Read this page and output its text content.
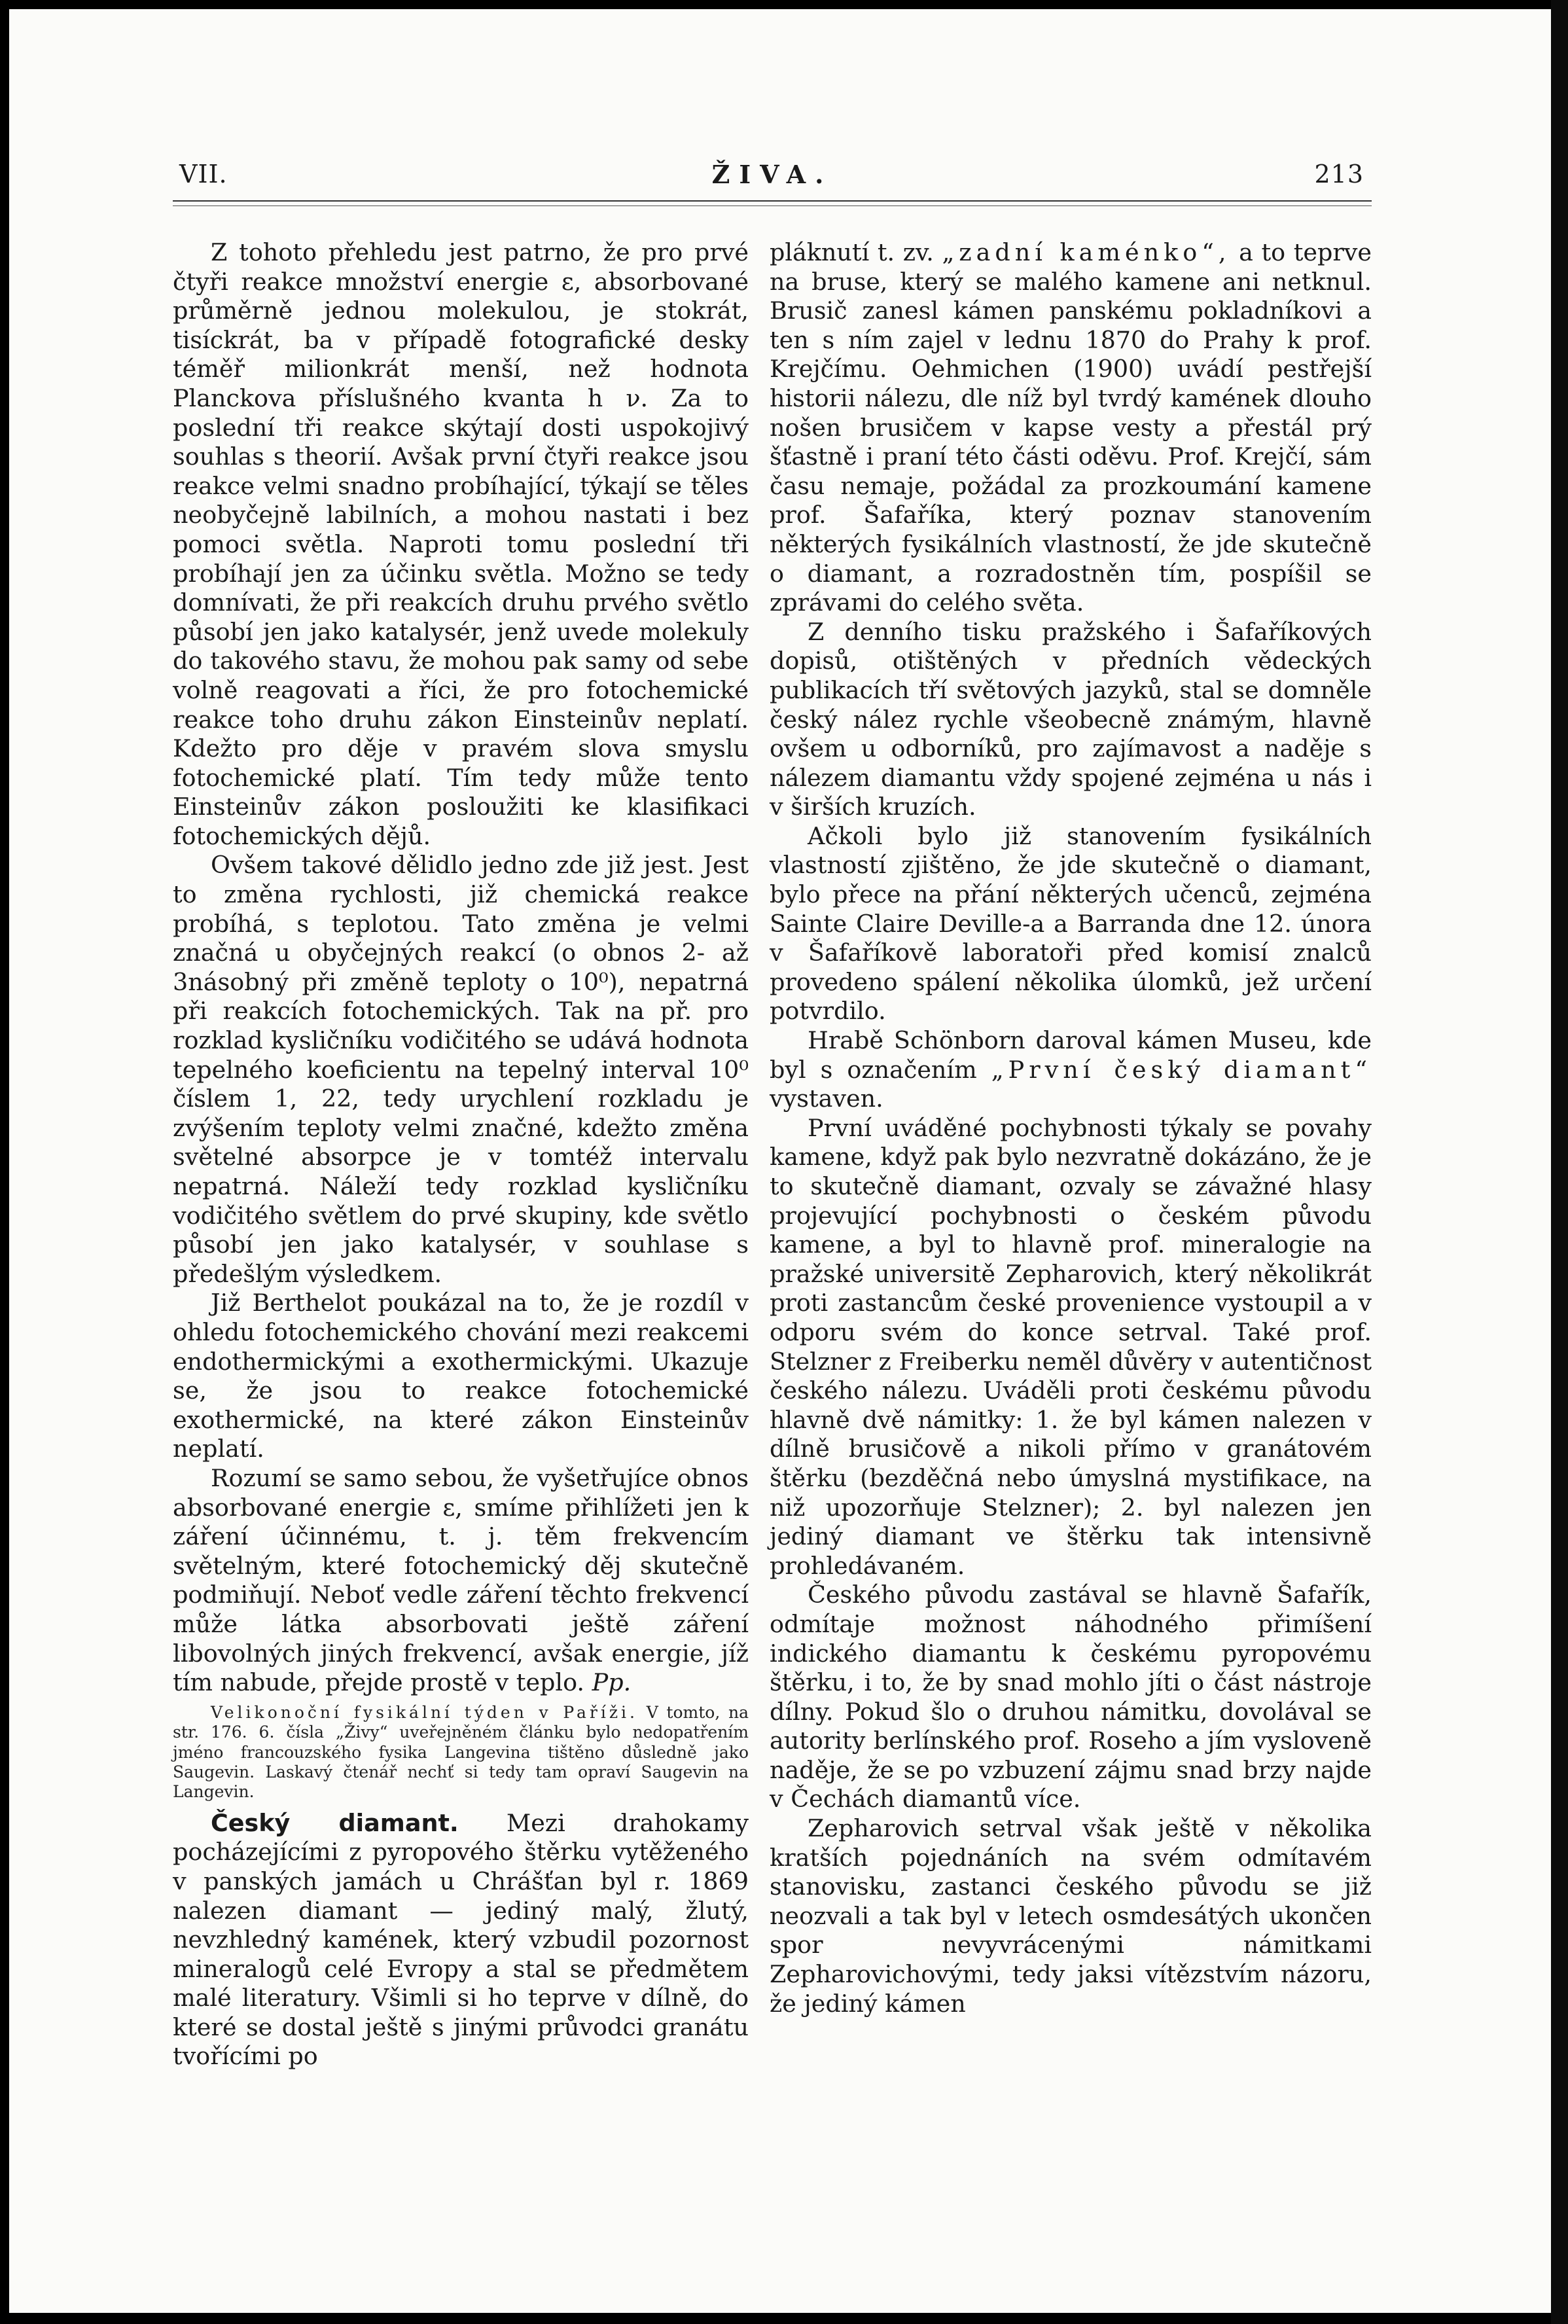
VII.	ŽIVA.	213

Z tohoto přehledu jest patrno, že pro prvé čtyři reakce množství energie ε, absorbované průměrně jednou molekulou, je stokrát, tisíckrát, ba v případě fotografické desky téměř milionkrát menší, než hodnota Planckova příslušného kvanta h ν. Za to poslední tři reakce skýtají dosti uspokojivý souhlas s theorií. Avšak první čtyři reakce jsou reakce velmi snadno probíhající, týkají se těles neobyčejně labilních, a mohou nastati i bez pomoci světla. Naproti tomu poslední tři probíhají jen za účinku světla. Možno se tedy domnívati, že při reakcích druhu prvého světlo působí jen jako katalysér, jenž uvede molekuly do takového stavu, že mohou pak samy od sebe volně reagovati a říci, že pro fotochemické reakce toho druhu zákon Einsteinův neplatí. Kdežto pro děje v pravém slova smyslu fotochemické platí. Tím tedy může tento Einsteinův zákon posloužiti ke klasifikaci fotochemických dějů.

Ovšem takové dělidlo jedno zde již jest. Jest to změna rychlosti, již chemická reakce probíhá, s teplotou. Tato změna je velmi značná u obyčejných reakcí (o obnos 2- až 3násobný při změně teploty o 10⁰), nepatrná při reakcích fotochemických. Tak na př. pro rozklad kysličníku vodičitého se udává hodnota tepelného koeficientu na tepelný interval 10⁰ číslem 1, 22, tedy urychlení rozkladu je zvýšením teploty velmi značné, kdežto změna světelné absorpce je v tomtéž intervalu nepatrná. Náleží tedy rozklad kysličníku vodičitého světlem do prvé skupiny, kde světlo působí jen jako katalysér, v souhlase s předešlým výsledkem.

Již Berthelot poukázal na to, že je rozdíl v ohledu fotochemického chování mezi reakcemi endothermickými a exothermickými. Ukazuje se, že jsou to reakce fotochemické exothermické, na které zákon Einsteinův neplatí.

Rozumí se samo sebou, že vyšetřujíce obnos absorbované energie ε, smíme přihlížeti jen k záření účinnému, t. j. těm frekvencím světelným, které fotochemický děj skutečně podmiňují. Neboť vedle záření těchto frekvencí může látka absorbovati ještě záření libovolných jiných frekvencí, avšak energie, jíž tím nabude, přejde prostě v teplo. Pp.

Velikonoční fysikální týden v Paříži. V tomto, na str. 176. 6. čísla „Živy“ uveřejněném článku bylo nedopatřením jméno francouzského fysika Langevina tištěno důsledně jako Saugevin. Laskavý čtenář nechť si tedy tam opraví Saugevin na Langevin.

Český diamant. Mezi drahokamy pocházejícími z pyropového štěrku vytěženého v panských jamách u Chrášťan byl r. 1869 nalezen diamant — jediný malý, žlutý, nevzhledný kamének, který vzbudil pozornost mineralogů celé Evropy a stal se předmětem malé literatury. Všimli si ho teprve v dílně, do které se dostal ještě s jinými průvodci granátu tvořícími po

pláknutí t. zv. „zadní kaménko“, a to teprve na bruse, který se malého kamene ani netknul. Brusič zanesl kámen panskému pokladníkovi a ten s ním zajel v lednu 1870 do Prahy k prof. Krejčímu. Oehmichen (1900) uvádí pestřejší historii nálezu, dle níž byl tvrdý kamének dlouho nošen brusičem v kapse vesty a přestál prý šťastně i praní této části oděvu. Prof. Krejčí, sám času nemaje, požádal za prozkoumání kamene prof. Šafaříka, který poznav stanovením některých fysikálních vlastností, že jde skutečně o diamant, a rozradostněn tím, pospíšil se zprávami do celého světa.

Z denního tisku pražského i Šafaříkových dopisů, otištěných v předních vědeckých publikacích tří světových jazyků, stal se domněle český nález rychle všeobecně známým, hlavně ovšem u odborníků, pro zajímavost a naděje s nálezem diamantu vždy spojené zejména u nás i v širších kruzích.

Ačkoli bylo již stanovením fysikálních vlastností zjištěno, že jde skutečně o diamant, bylo přece na přání některých učenců, zejména Sainte Claire Deville-a a Barranda dne 12. února v Šafaříkově laboratoři před komisí znalců provedeno spálení několika úlomků, jež určení potvrdilo.

Hrabě Schönborn daroval kámen Museu, kde byl s označením „První český diamant“ vystaven.

První uváděné pochybnosti týkaly se povahy kamene, když pak bylo nezvratně dokázáno, že je to skutečně diamant, ozvaly se závažné hlasy projevující pochybnosti o českém původu kamene, a byl to hlavně prof. mineralogie na pražské universitě Zepharovich, který několikrát proti zastancům české provenience vystoupil a v odporu svém do konce setrval. Také prof. Stelzner z Freiberku neměl důvěry v autentičnost českého nálezu. Uváděli proti českému původu hlavně dvě námitky: 1. že byl kámen nalezen v dílně brusičově a nikoli přímo v granátovém štěrku (bezděčná nebo úmyslná mystifikace, na niž upozorňuje Stelzner); 2. byl nalezen jen jediný diamant ve štěrku tak intensivně prohledávaném.

Českého původu zastával se hlavně Šafařík, odmítaje možnost náhodného přimíšení indického diamantu k českému pyropovému štěrku, i to, že by snad mohlo jíti o část nástroje dílny. Pokud šlo o druhou námitku, dovolával se autority berlínského prof. Roseho a jím vysloveně naděje, že se po vzbuzení zájmu snad brzy najde v Čechách diamantů více.

Zepharovich setrval však ještě v několika kratších pojednáních na svém odmítavém stanovisku, zastanci českého původu se již neozvali a tak byl v letech osmdesátých ukončen spor nevyvrácenými námitkami Zepharovichovými, tedy jaksi vítězstvím názoru, že jediný kámen
